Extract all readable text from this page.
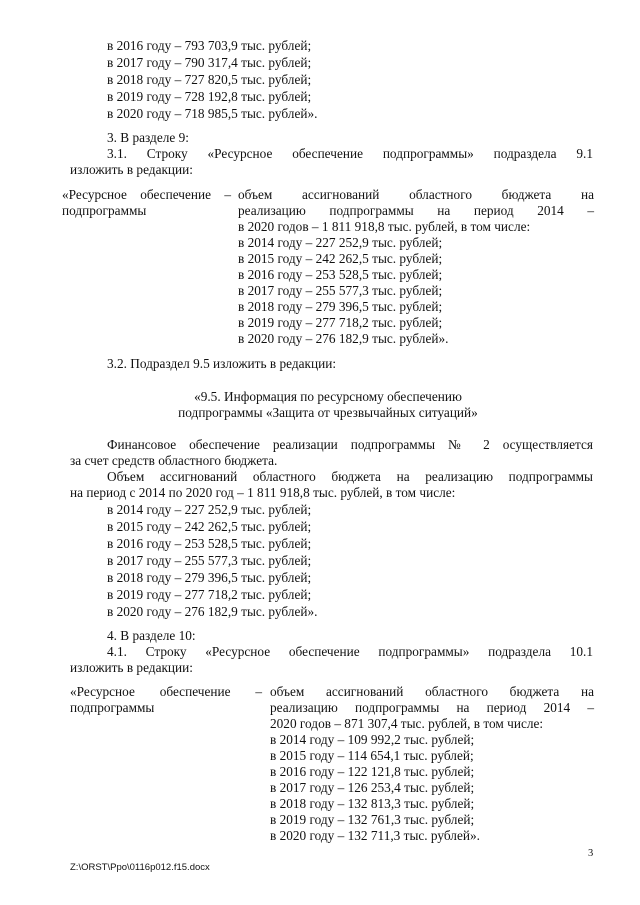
в 2016 году – 793 703,9 тыс. рублей;
в 2017 году – 790 317,4 тыс. рублей;
в 2018 году – 727 820,5 тыс. рублей;
в 2019 году – 728 192,8 тыс. рублей;
в 2020 году – 718 985,5 тыс. рублей».
3. В разделе 9:
3.1. Строку «Ресурсное обеспечение подпрограммы» подраздела 9.1
изложить в редакции:
«Ресурсное обеспечение –
подпрограммы
объем ассигнований областного бюджета на
реализацию подпрограммы на период 2014 –
в 2020 годов – 1 811 918,8 тыс. рублей, в том числе:
в 2014 году – 227 252,9 тыс. рублей;
в 2015 году – 242 262,5 тыс. рублей;
в 2016 году – 253 528,5 тыс. рублей;
в 2017 году – 255 577,3 тыс. рублей;
в 2018 году – 279 396,5 тыс. рублей;
в 2019 году – 277 718,2 тыс. рублей;
в 2020 году – 276 182,9 тыс. рублей».
3.2. Подраздел 9.5 изложить в редакции:
«9.5. Информация по ресурсному обеспечению
подпрограммы «Защита от чрезвычайных ситуаций»
Финансовое обеспечение реализации подпрограммы № 2 осуществляется
за счет средств областного бюджета.
Объем ассигнований областного бюджета на реализацию подпрограммы
на период с 2014 по 2020 год – 1 811 918,8 тыс. рублей, в том числе:
в 2014 году – 227 252,9 тыс. рублей;
в 2015 году – 242 262,5 тыс. рублей;
в 2016 году – 253 528,5 тыс. рублей;
в 2017 году – 255 577,3 тыс. рублей;
в 2018 году – 279 396,5 тыс. рублей;
в 2019 году – 277 718,2 тыс. рублей;
в 2020 году – 276 182,9 тыс. рублей».
4. В разделе 10:
4.1. Строку «Ресурсное обеспечение подпрограммы» подраздела 10.1
изложить в редакции:
«Ресурсное обеспечение –
подпрограммы
объем ассигнований областного бюджета на
реализацию подпрограммы на период 2014 –
2020 годов – 871 307,4 тыс. рублей, в том числе:
в 2014 году – 109 992,2 тыс. рублей;
в 2015 году – 114 654,1 тыс. рублей;
в 2016 году – 122 121,8 тыс. рублей;
в 2017 году – 126 253,4 тыс. рублей;
в 2018 году – 132 813,3 тыс. рублей;
в 2019 году – 132 761,3 тыс. рублей;
в 2020 году – 132 711,3 тыс. рублей».
3
Z:\ORST\Ppo\0116p012.f15.docx
